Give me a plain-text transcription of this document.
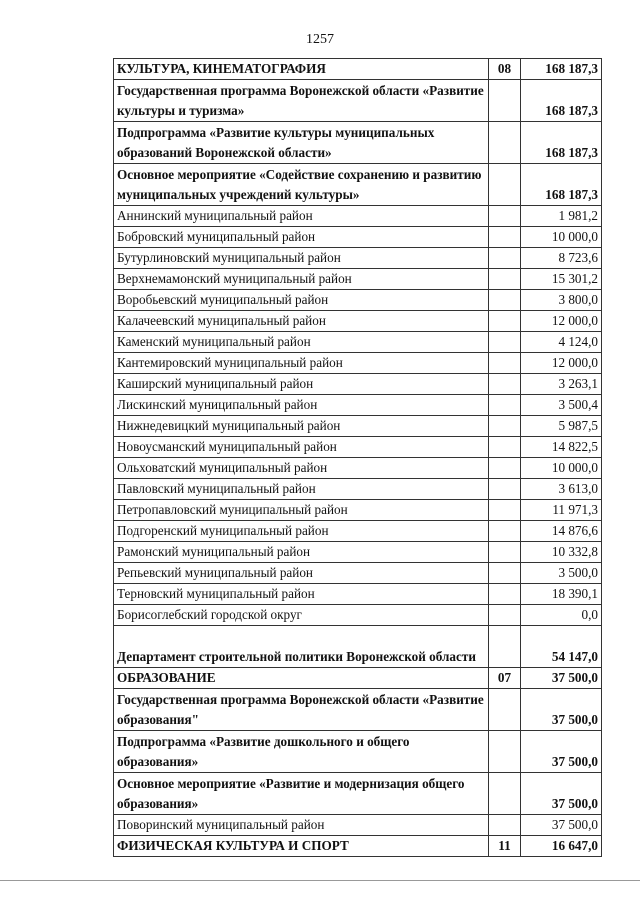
1257
КУЛЬТУРА, КИНЕМАТОГРАФИЯ	08	168 187,3
Государственная программа Воронежской области «Развитие культуры и туризма»		168 187,3
Подпрограмма «Развитие культуры муниципальных образований Воронежской области»		168 187,3
Основное мероприятие «Содействие сохранению и развитию муниципальных учреждений культуры»		168 187,3
Аннинский муниципальный район		1 981,2
Бобровский муниципальный район		10 000,0
Бутурлиновский муниципальный район		8 723,6
Верхнемамонский муниципальный район		15 301,2
Воробьевский муниципальный район		3 800,0
Калачеевский муниципальный район		12 000,0
Каменский муниципальный район		4 124,0
Кантемировский муниципальный район		12 000,0
Каширский муниципальный район		3 263,1
Лискинский муниципальный район		3 500,4
Нижнедевицкий муниципальный район		5 987,5
Новоусманский муниципальный район		14 822,5
Ольховатский муниципальный район		10 000,0
Павловский муниципальный район		3 613,0
Петропавловский муниципальный район		11 971,3
Подгоренский муниципальный район		14 876,6
Рамонский муниципальный район		10 332,8
Репьевский муниципальный район		3 500,0
Терновский муниципальный район		18 390,1
Борисоглебский городской округ		0,0
Департамент строительной политики Воронежской области		54 147,0
ОБРАЗОВАНИЕ	07	37 500,0
Государственная программа Воронежской области «Развитие образования"		37 500,0
Подпрограмма «Развитие дошкольного и общего образования»		37 500,0
Основное мероприятие «Развитие и модернизация общего образования»		37 500,0
Поворинский муниципальный район		37 500,0
ФИЗИЧЕСКАЯ КУЛЬТУРА И СПОРТ	11	16 647,0
